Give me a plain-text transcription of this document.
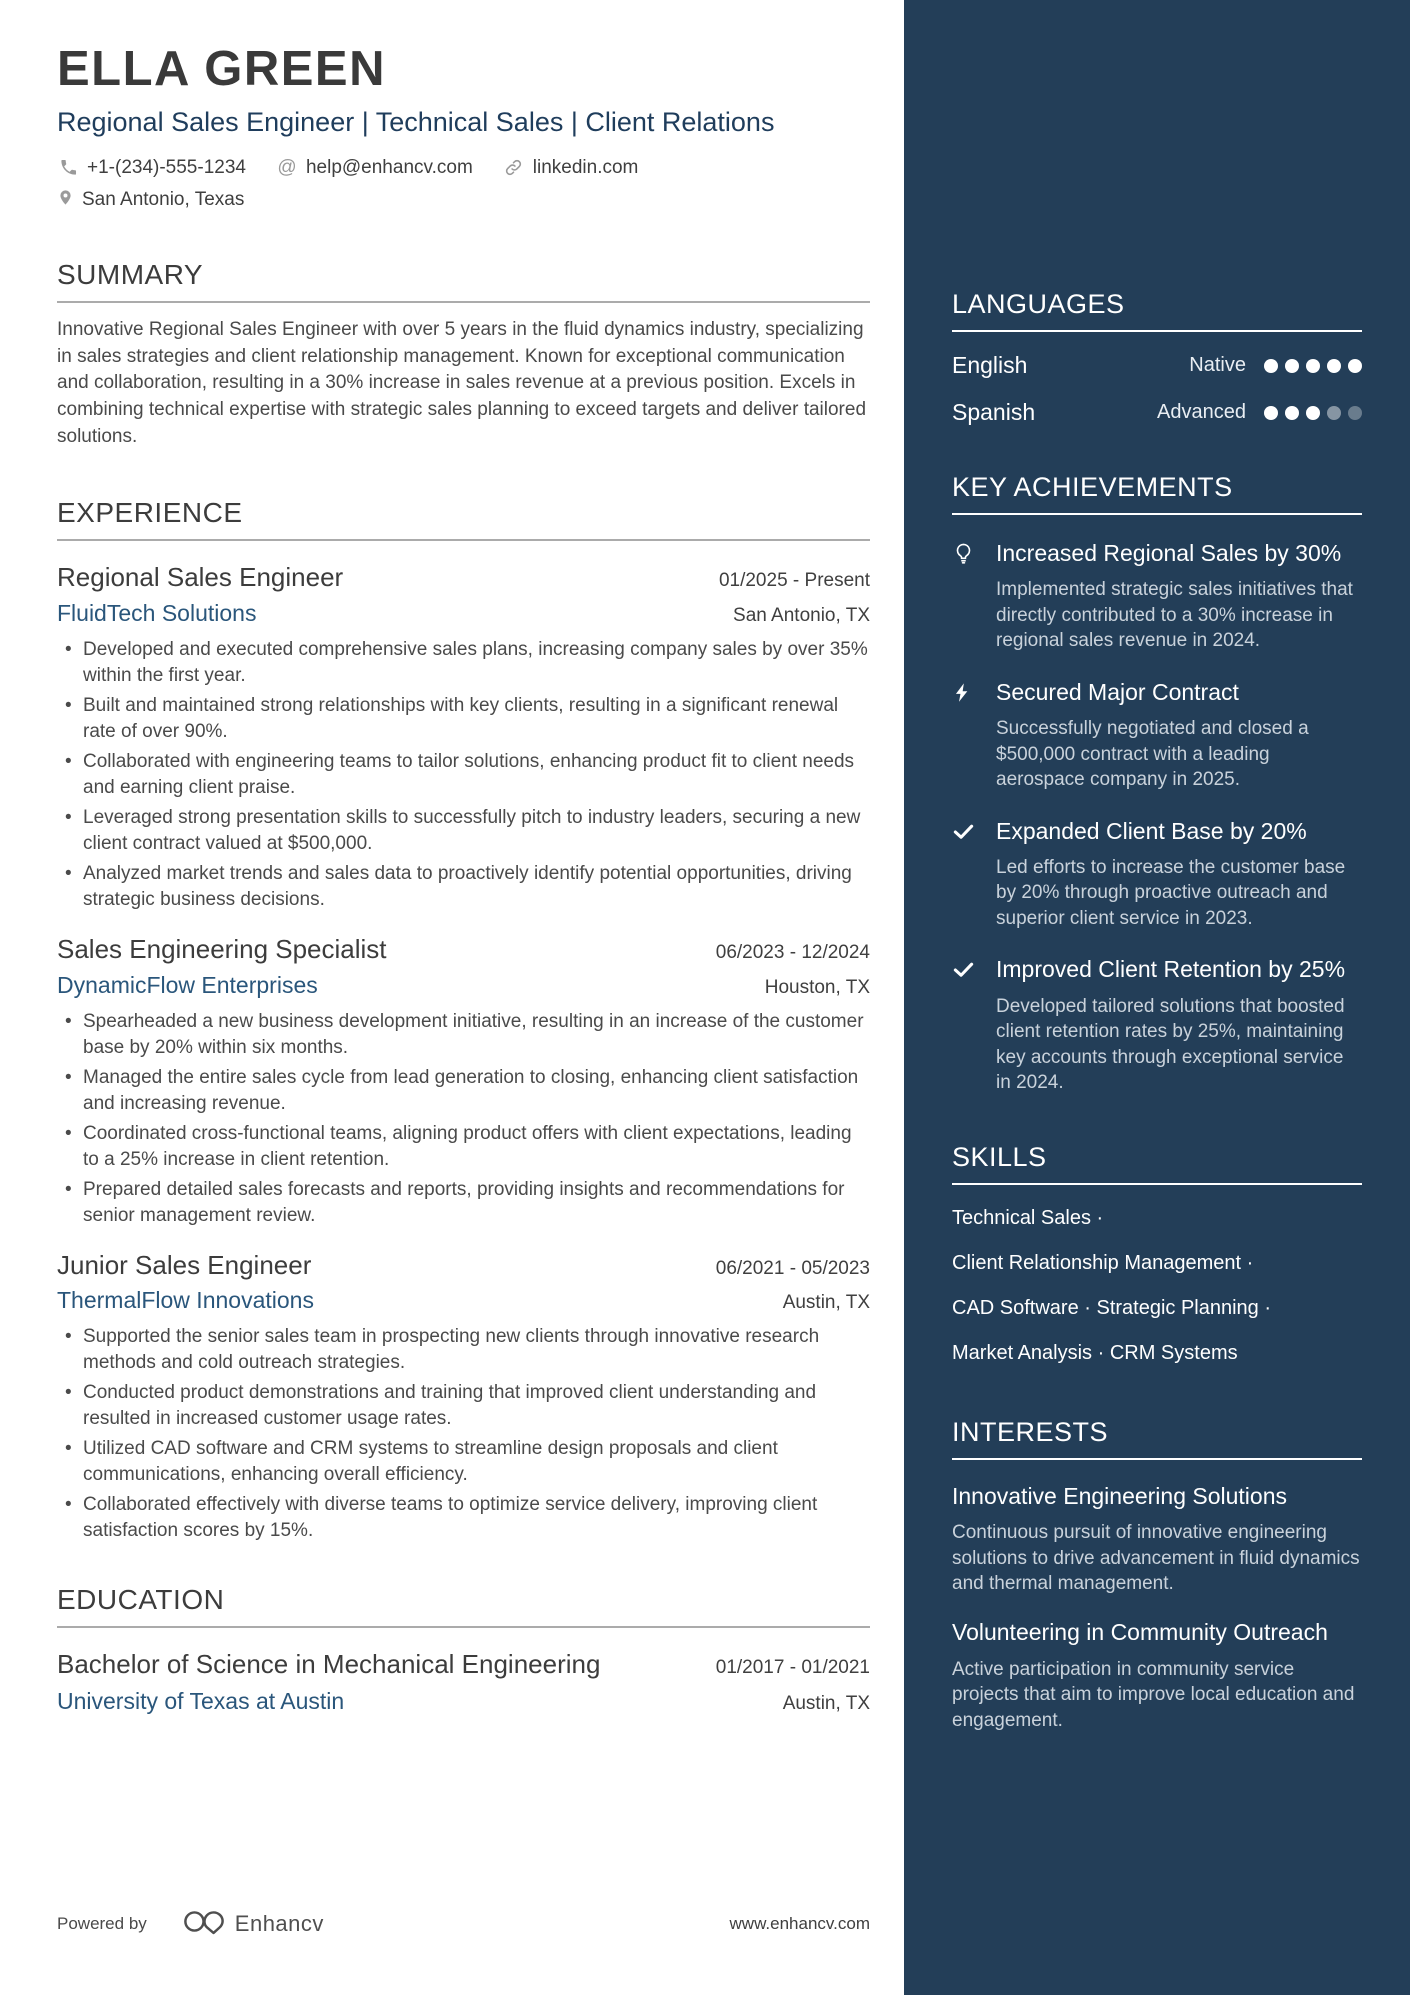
ELLA GREEN
Regional Sales Engineer | Technical Sales | Client Relations
+1-(234)-555-1234 @ help@enhancv.com	linkedin.com
San Antonio, Texas
SUMMARY
Innovative Regional Sales Engineer with over 5 years in the fluid dynamics industry, specializing in sales strategies and client relationship management. Known for exceptional communication and collaboration, resulting in a 30% increase in sales revenue at a previous position. Excels in combining technical expertise with strategic sales planning to exceed targets and deliver tailored solutions.
EXPERIENCE
Regional Sales Engineer	01/2025 - Present
FluidTech Solutions	San Antonio, TX
• Developed and executed comprehensive sales plans, increasing company sales by over 35% within the first year.
• Built and maintained strong relationships with key clients, resulting in a significant renewal rate of over 90%.
• Collaborated with engineering teams to tailor solutions, enhancing product fit to client needs and earning client praise.
• Leveraged strong presentation skills to successfully pitch to industry leaders, securing a new client contract valued at $500,000.
• Analyzed market trends and sales data to proactively identify potential opportunities, driving strategic business decisions.
Sales Engineering Specialist	06/2023 - 12/2024
DynamicFlow Enterprises	Houston, TX
• Spearheaded a new business development initiative, resulting in an increase of the customer base by 20% within six months.
• Managed the entire sales cycle from lead generation to closing, enhancing client satisfaction and increasing revenue.
• Coordinated cross-functional teams, aligning product offers with client expectations, leading to a 25% increase in client retention.
• Prepared detailed sales forecasts and reports, providing insights and recommendations for senior management review.
Junior Sales Engineer	06/2021 - 05/2023
ThermalFlow Innovations	Austin, TX
• Supported the senior sales team in prospecting new clients through innovative research methods and cold outreach strategies.
• Conducted product demonstrations and training that improved client understanding and resulted in increased customer usage rates.
• Utilized CAD software and CRM systems to streamline design proposals and client communications, enhancing overall efficiency.
• Collaborated effectively with diverse teams to optimize service delivery, improving client satisfaction scores by 15%.
EDUCATION
Bachelor of Science in Mechanical Engineering	01/2017 - 01/2021
University of Texas at Austin	Austin, TX
Powered by	Enhancv	www.enhancv.com
LANGUAGES
English	Native
Spanish	Advanced
KEY ACHIEVEMENTS
Increased Regional Sales by 30%
Implemented strategic sales initiatives that directly contributed to a 30% increase in regional sales revenue in 2024.
Secured Major Contract
Successfully negotiated and closed a $500,000 contract with a leading aerospace company in 2025.
Expanded Client Base by 20%
Led efforts to increase the customer base by 20% through proactive outreach and superior client service in 2023.
Improved Client Retention by 25%
Developed tailored solutions that boosted client retention rates by 25%, maintaining key accounts through exceptional service in 2024.
SKILLS
Technical Sales ·
Client Relationship Management ·
CAD Software · Strategic Planning ·
Market Analysis · CRM Systems
INTERESTS
Innovative Engineering Solutions
Continuous pursuit of innovative engineering solutions to drive advancement in fluid dynamics and thermal management.
Volunteering in Community Outreach
Active participation in community service projects that aim to improve local education and engagement.
